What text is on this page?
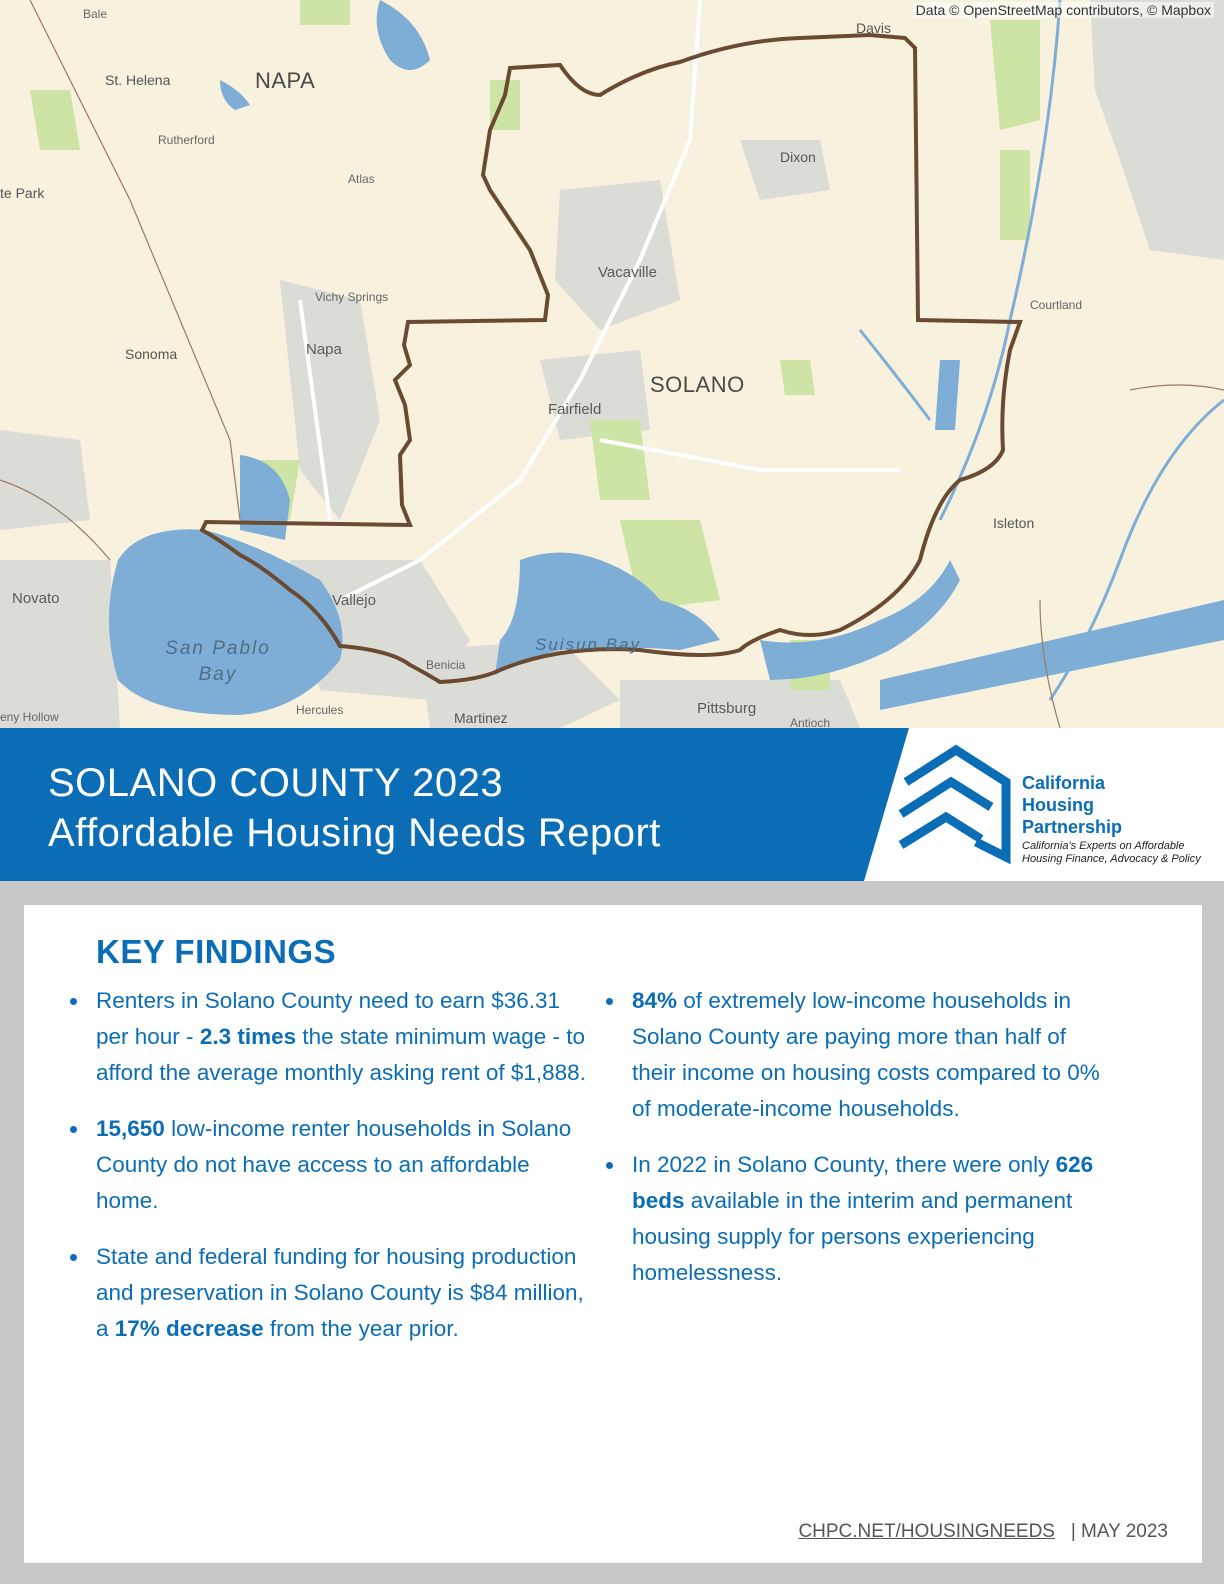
Bale
St. Helena	NAPA
Rutherford
Atlas
te Park
Vichy Springs
Sonoma	Napa
Davis
Dixon
Vacaville
SOLANO
Fairfield
Courtland
Isleton
Novato	Vallejo
San Pablo
Bay
Suisun Bay
Benicia
Hercules	Martinez
Pittsburg
Antioch
eny Hollow
Data © OpenStreetMap contributors, © Mapbox
SOLANO COUNTY 2023
Affordable Housing Needs Report
California
Housing
Partnership
California's Experts on Affordable
Housing Finance, Advocacy & Policy
KEY FINDINGS
Renters in Solano County need to earn $36.31 per hour - 2.3 times the state minimum wage - to afford the average monthly asking rent of $1,888.
15,650 low-income renter households in Solano County do not have access to an affordable home.
State and federal funding for housing production and preservation in Solano County is $84 million, a 17% decrease from the year prior.
84% of extremely low-income households in Solano County are paying more than half of their income on housing costs compared to 0% of moderate-income households.
In 2022 in Solano County, there were only 626 beds available in the interim and permanent housing supply for persons experiencing homelessness.
CHPC.NET/HOUSINGNEEDS | MAY 2023
